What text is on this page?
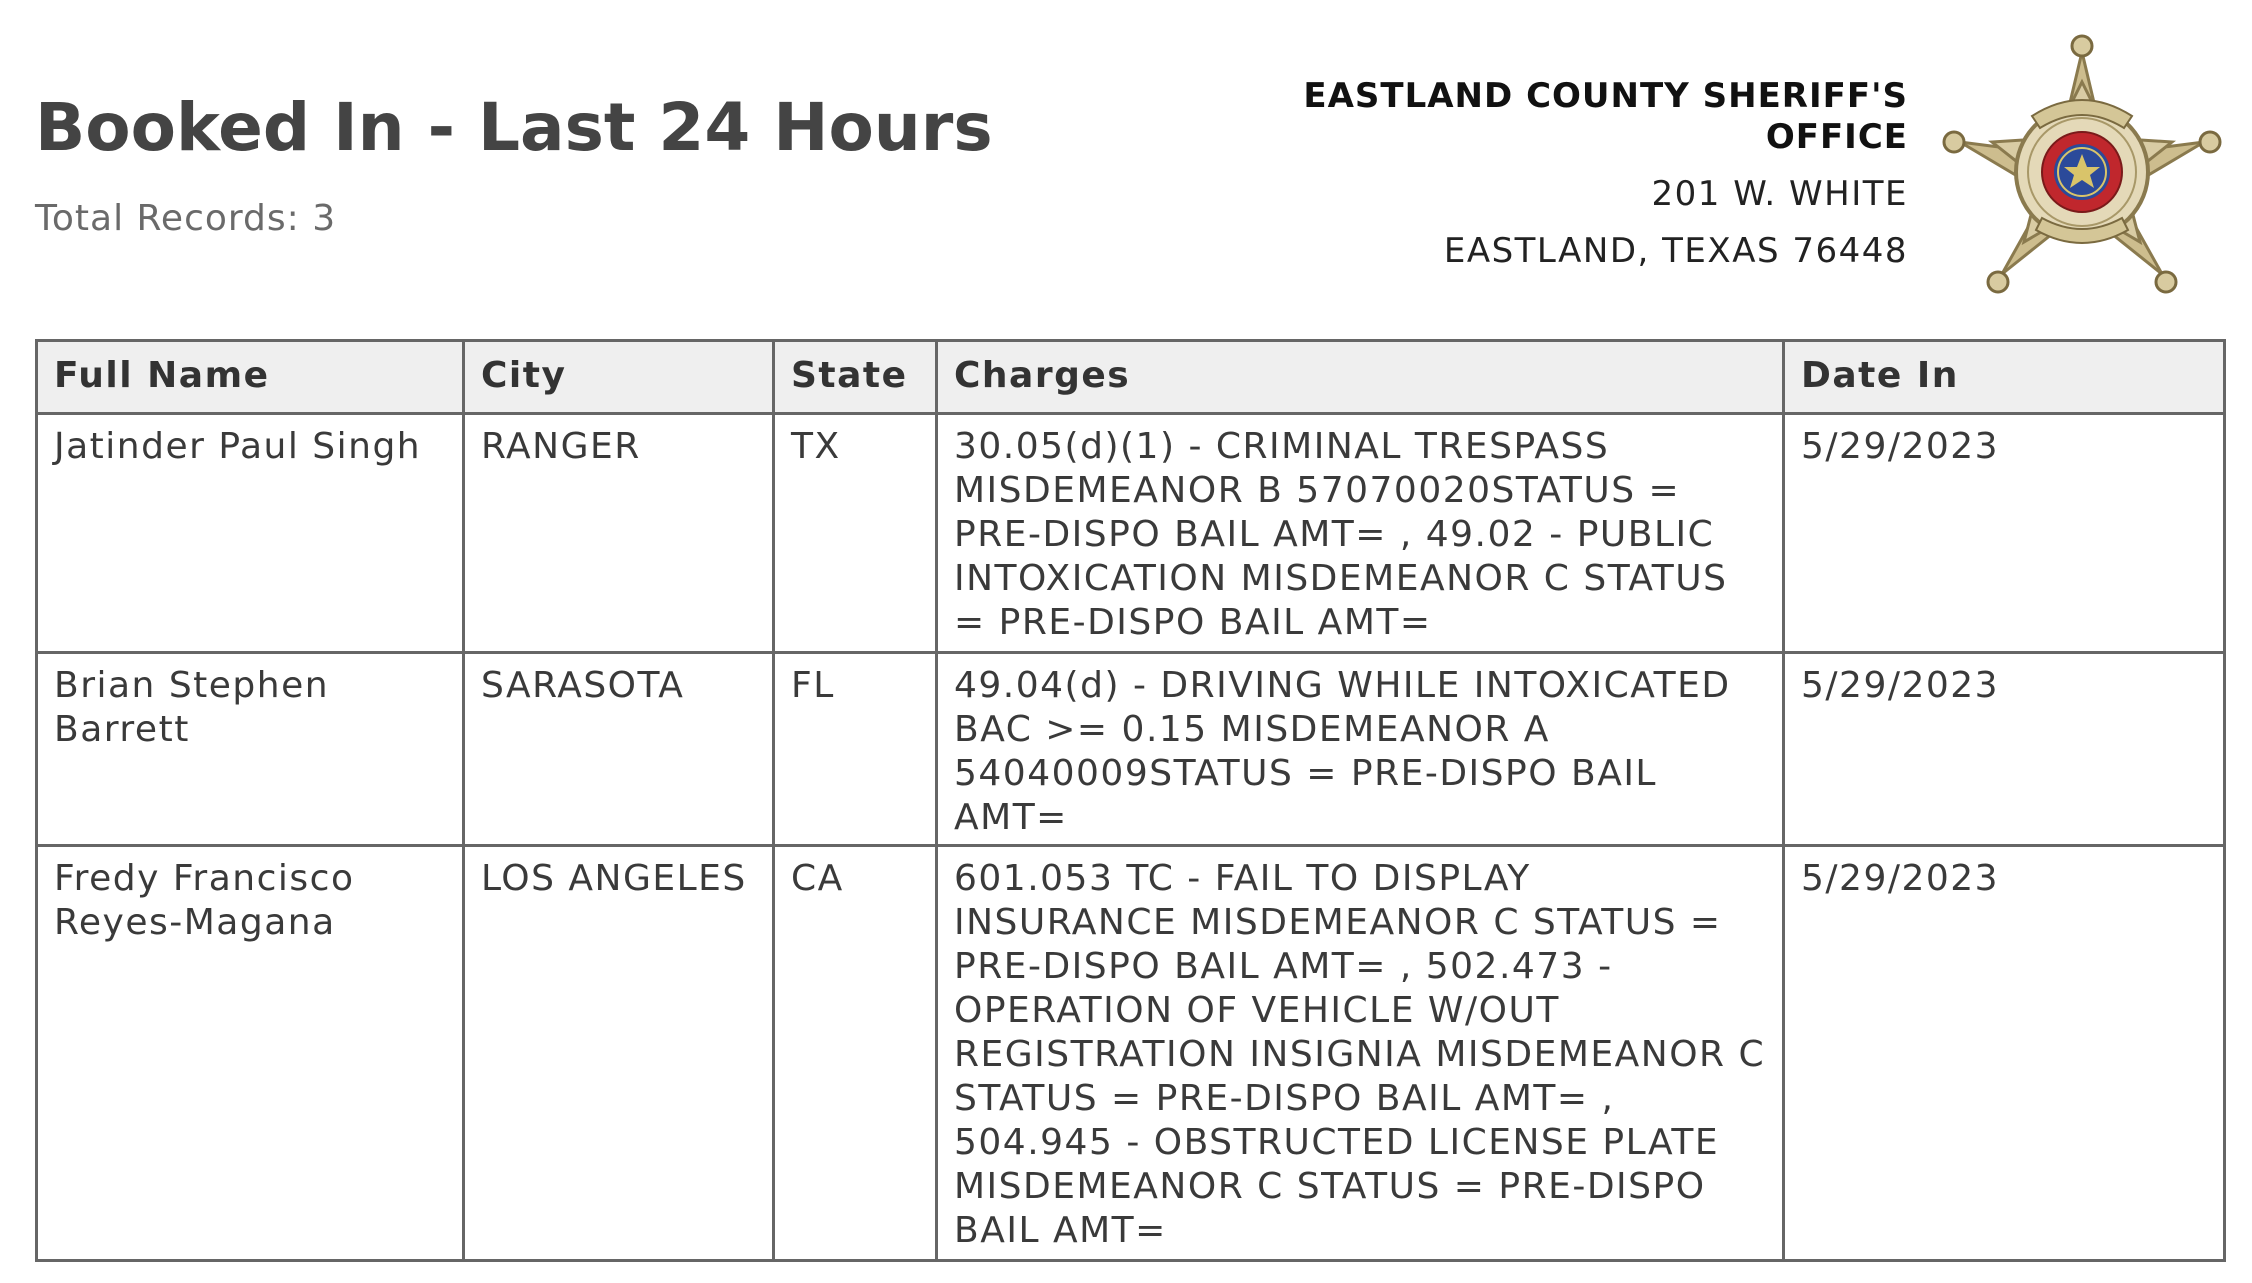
Booked In - Last 24 Hours
Total Records: 3
EASTLAND COUNTY SHERIFF'S
OFFICE
201 W. WHITE
EASTLAND, TEXAS 76448
Full Name	City	State	Charges	Date In
Jatinder Paul Singh	RANGER	TX	30.05(d)(1) - CRIMINAL TRESPASS MISDEMEANOR B 57070020STATUS = PRE-DISPO BAIL AMT= , 49.02 - PUBLIC INTOXICATION MISDEMEANOR C STATUS = PRE-DISPO BAIL AMT=	5/29/2023
Brian Stephen Barrett	SARASOTA	FL	49.04(d) - DRIVING WHILE INTOXICATED BAC >= 0.15 MISDEMEANOR A 54040009STATUS = PRE-DISPO BAIL AMT=	5/29/2023
Fredy Francisco Reyes-Magana	LOS ANGELES	CA	601.053 TC - FAIL TO DISPLAY INSURANCE MISDEMEANOR C STATUS = PRE-DISPO BAIL AMT= , 502.473 - OPERATION OF VEHICLE W/OUT REGISTRATION INSIGNIA MISDEMEANOR C STATUS = PRE-DISPO BAIL AMT= , 504.945 - OBSTRUCTED LICENSE PLATE MISDEMEANOR C STATUS = PRE-DISPO BAIL AMT=	5/29/2023
